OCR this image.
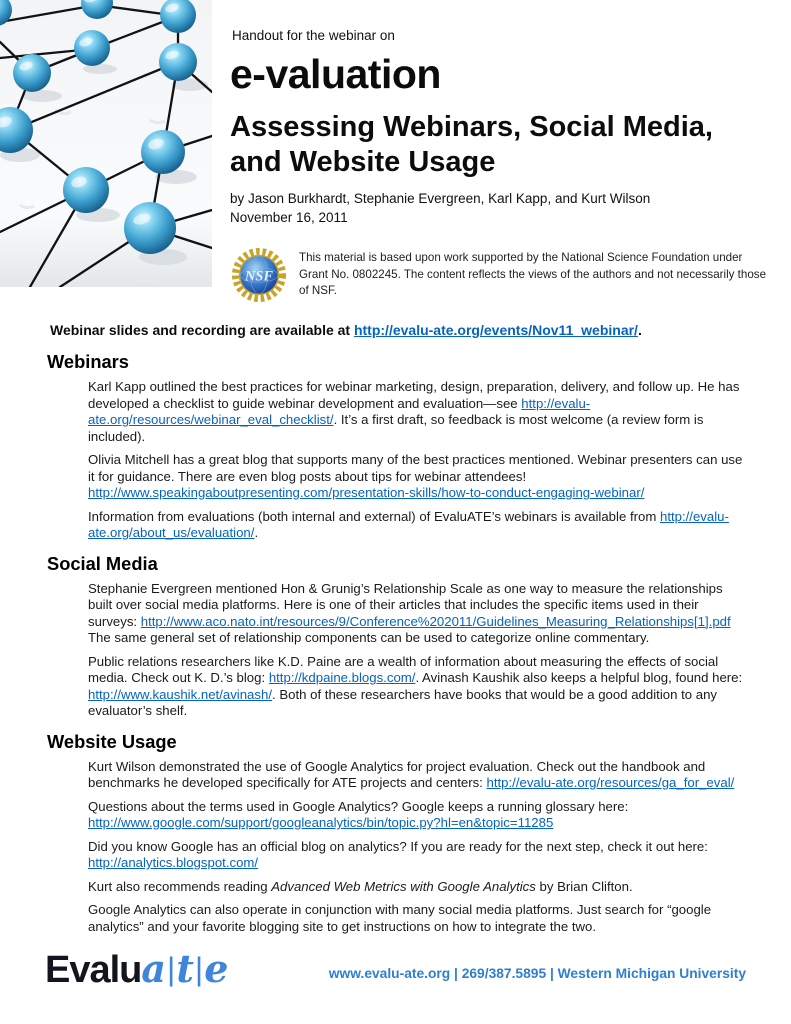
Handout for the webinar on
e-valuation
Assessing Webinars, Social Media, and Website Usage
by Jason Burkhardt, Stephanie Evergreen, Karl Kapp, and Kurt Wilson
November 16, 2011
NSF

This material is based upon work supported by the National Science Foundation under Grant No. 0802245. The content reflects the views of the authors and not necessarily those of NSF.

Webinar slides and recording are available at http://evalu-ate.org/events/Nov11_webinar/.

Webinars

Karl Kapp outlined the best practices for webinar marketing, design, preparation, delivery, and follow up. He has developed a checklist to guide webinar development and evaluation—see http://evalu-ate.org/resources/webinar_eval_checklist/. It’s a first draft, so feedback is most welcome (a review form is included).

Olivia Mitchell has a great blog that supports many of the best practices mentioned. Webinar presenters can use it for guidance. There are even blog posts about tips for webinar attendees! http://www.speakingaboutpresenting.com/presentation-skills/how-to-conduct-engaging-webinar/

Information from evaluations (both internal and external) of EvaluATE’s webinars is available from http://evalu-ate.org/about_us/evaluation/.

Social Media

Stephanie Evergreen mentioned Hon & Grunig’s Relationship Scale as one way to measure the relationships built over social media platforms. Here is one of their articles that includes the specific items used in their surveys: http://www.aco.nato.int/resources/9/Conference%202011/Guidelines_Measuring_Relationships[1].pdf The same general set of relationship components can be used to categorize online commentary.

Public relations researchers like K.D. Paine are a wealth of information about measuring the effects of social media. Check out K. D.’s blog: http://kdpaine.blogs.com/. Avinash Kaushik also keeps a helpful blog, found here: http://www.kaushik.net/avinash/. Both of these researchers have books that would be a good addition to any evaluator’s shelf.

Website Usage

Kurt Wilson demonstrated the use of Google Analytics for project evaluation. Check out the handbook and benchmarks he developed specifically for ATE projects and centers: http://evalu-ate.org/resources/ga_for_eval/

Questions about the terms used in Google Analytics? Google keeps a running glossary here: http://www.google.com/support/googleanalytics/bin/topic.py?hl=en&topic=11285

Did you know Google has an official blog on analytics? If you are ready for the next step, check it out here: http://analytics.blogspot.com/

Kurt also recommends reading Advanced Web Metrics with Google Analytics by Brian Clifton.

Google Analytics can also operate in conjunction with many social media platforms. Just search for “google analytics” and your favorite blogging site to get instructions on how to integrate the two.

Evalua|t|e	www.evalu-ate.org | 269/387.5895 | Western Michigan University
